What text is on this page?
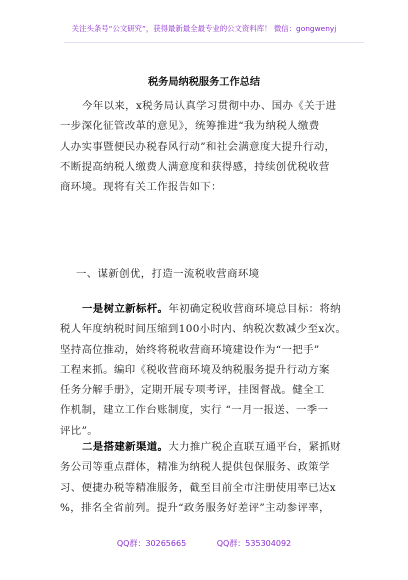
关注头条号“公文研究”，获得最新最全最专业的公文资料库！ 微信：gongwenyj
税务局纳税服务工作总结
今年以来，x税务局认真学习贯彻中办、国办《关于进
一步深化征管改革的意见》，统筹推进“我为纳税人缴费
人办实事暨便民办税春风行动”和社会满意度大提升行动，
不断提高纳税人缴费人满意度和获得感，持续创优税收营
商环境。现将有关工作报告如下：
一、谋新创优，打造一流税收营商环境
一是树立新标杆。年初确定税收营商环境总目标：将纳
税人年度纳税时间压缩到100小时内、纳税次数减少至x次。
坚持高位推动，始终将税收营商环境建设作为“一把手”
工程来抓。编印《税收营商环境及纳税服务提升行动方案
任务分解手册》，定期开展专项考评，挂图督战。健全工
作机制，建立工作台账制度，实行 “一月一报送、一季一
评比”。
二是搭建新渠道。大力推广税企直联互通平台，紧抓财
务公司等重点群体，精准为纳税人提供包保服务、政策学
习、便捷办税等精准服务，截至目前全市注册使用率已达x
%，排名全省前列。提升“政务服务好差评”主动参评率，
QQ群：30265665	QQ群：535304092
